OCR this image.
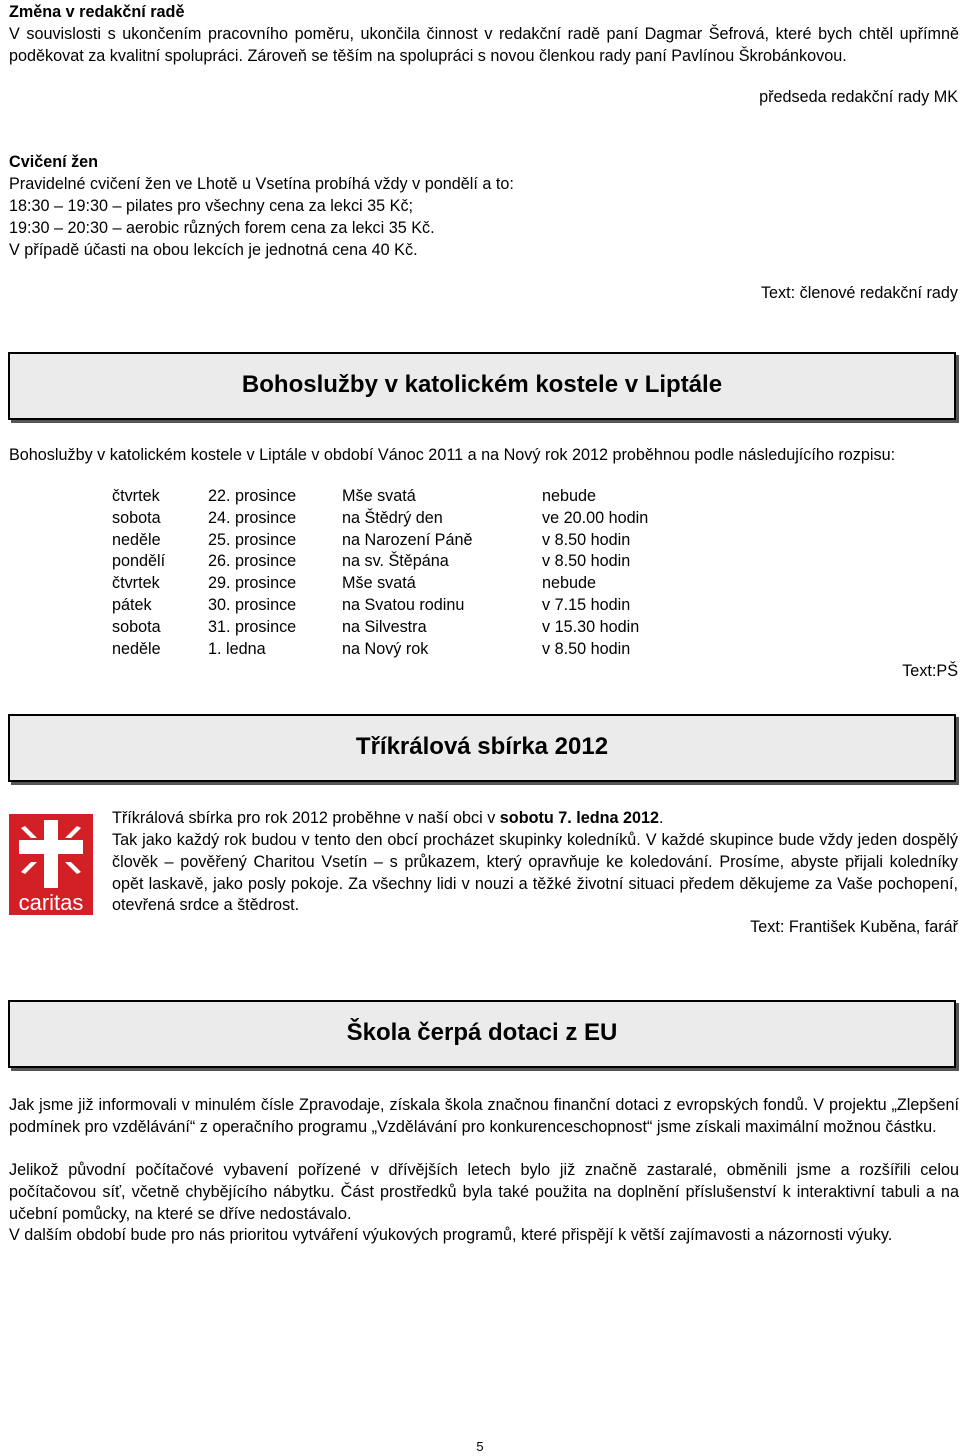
Změna v redakční radě
V souvislosti s ukončením pracovního poměru, ukončila činnost v redakční radě paní Dagmar Šefrová, které bych chtěl upřímně poděkovat za kvalitní spolupráci. Zároveň se těším na spolupráci s novou členkou rady paní Pavlínou Škrobánkovou.
předseda redakční rady MK
Cvičení žen
Pravidelné cvičení žen ve Lhotě u Vsetína probíhá vždy v pondělí a to:
18:30 – 19:30 – pilates pro všechny cena za lekci 35 Kč;
19:30 – 20:30 – aerobic různých forem cena za lekci 35 Kč.
V případě účasti na obou lekcích je jednotná cena 40 Kč.
Text: členové redakční rady
Bohoslužby v katolickém kostele v Liptále
Bohoslužby v katolickém kostele v Liptále v období Vánoc 2011 a na Nový rok 2012 proběhnou podle následujícího rozpisu:
čtvrtek	22. prosince	Mše svatá	nebude
sobota	24. prosince	na Štědrý den	ve 20.00 hodin
neděle	25. prosince	na Narození Páně	v 8.50 hodin
pondělí	26. prosince	na sv. Štěpána	v 8.50 hodin
čtvrtek	29. prosince	Mše svatá	nebude
pátek	30. prosince	na Svatou rodinu	v 7.15 hodin
sobota	31. prosince	na Silvestra	v 15.30 hodin
neděle	1. ledna	na Nový rok	v 8.50 hodin
Text:PŠ
Tříkrálová sbírka 2012
caritas
Tříkrálová sbírka pro rok 2012 proběhne v naší obci v sobotu 7. ledna 2012.
Tak jako každý rok budou v tento den obcí procházet skupinky koledníků. V každé skupince bude vždy jeden dospělý člověk – pověřený Charitou Vsetín – s průkazem, který opravňuje ke koledování. Prosíme, abyste přijali koledníky opět laskavě, jako posly pokoje. Za všechny lidi v nouzi a těžké životní situaci předem děkujeme za Vaše pochopení, otevřená srdce a štědrost.
Text: František Kuběna, farář
Škola čerpá dotaci z EU
Jak jsme již informovali v minulém čísle Zpravodaje, získala škola značnou finanční dotaci z evropských fondů. V projektu „Zlepšení podmínek pro vzdělávání“ z operačního programu „Vzdělávání pro konkurenceschopnost“ jsme získali maximální možnou částku.
Jelikož původní počítačové vybavení pořízené v dřívějších letech bylo již značně zastaralé, obměnili jsme a rozšířili celou počítačovou síť, včetně chybějícího nábytku. Část prostředků byla také použita na doplnění příslušenství k interaktivní tabuli a na učební pomůcky, na které se dříve nedostávalo.
V dalším období bude pro nás prioritou vytváření výukových programů, které přispějí k větší zajímavosti a názornosti výuky.
5
